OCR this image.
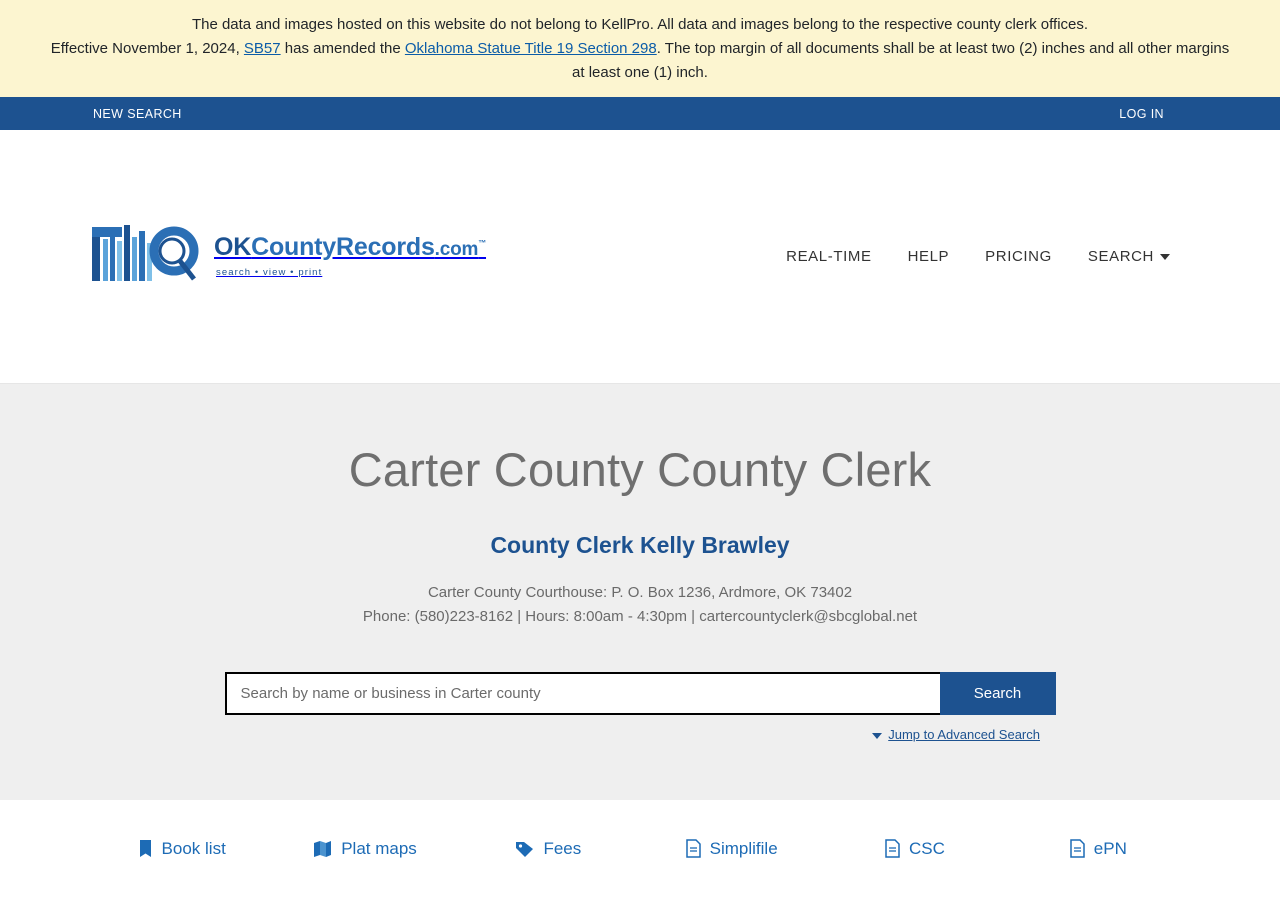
The data and images hosted on this website do not belong to KellPro. All data and images belong to the respective county clerk offices.
Effective November 1, 2024, SB57 has amended the Oklahoma Statue Title 19 Section 298. The top margin of all documents shall be at least two (2) inches and all other margins
at least one (1) inch.
NEW SEARCH	LOG IN
OKCountyRecords.com™
search • view • print
REAL-TIME HELP PRICING SEARCH
Carter County County Clerk
County Clerk Kelly Brawley
Carter County Courthouse: P. O. Box 1236, Ardmore, OK 73402
Phone: (580)223-8162 | Hours: 8:00am - 4:30pm | cartercountyclerk@sbcglobal.net
Search by name or business in Carter county
Search
Jump to Advanced Search
Book list	Plat maps	Fees	Simplifile	CSC	ePN
